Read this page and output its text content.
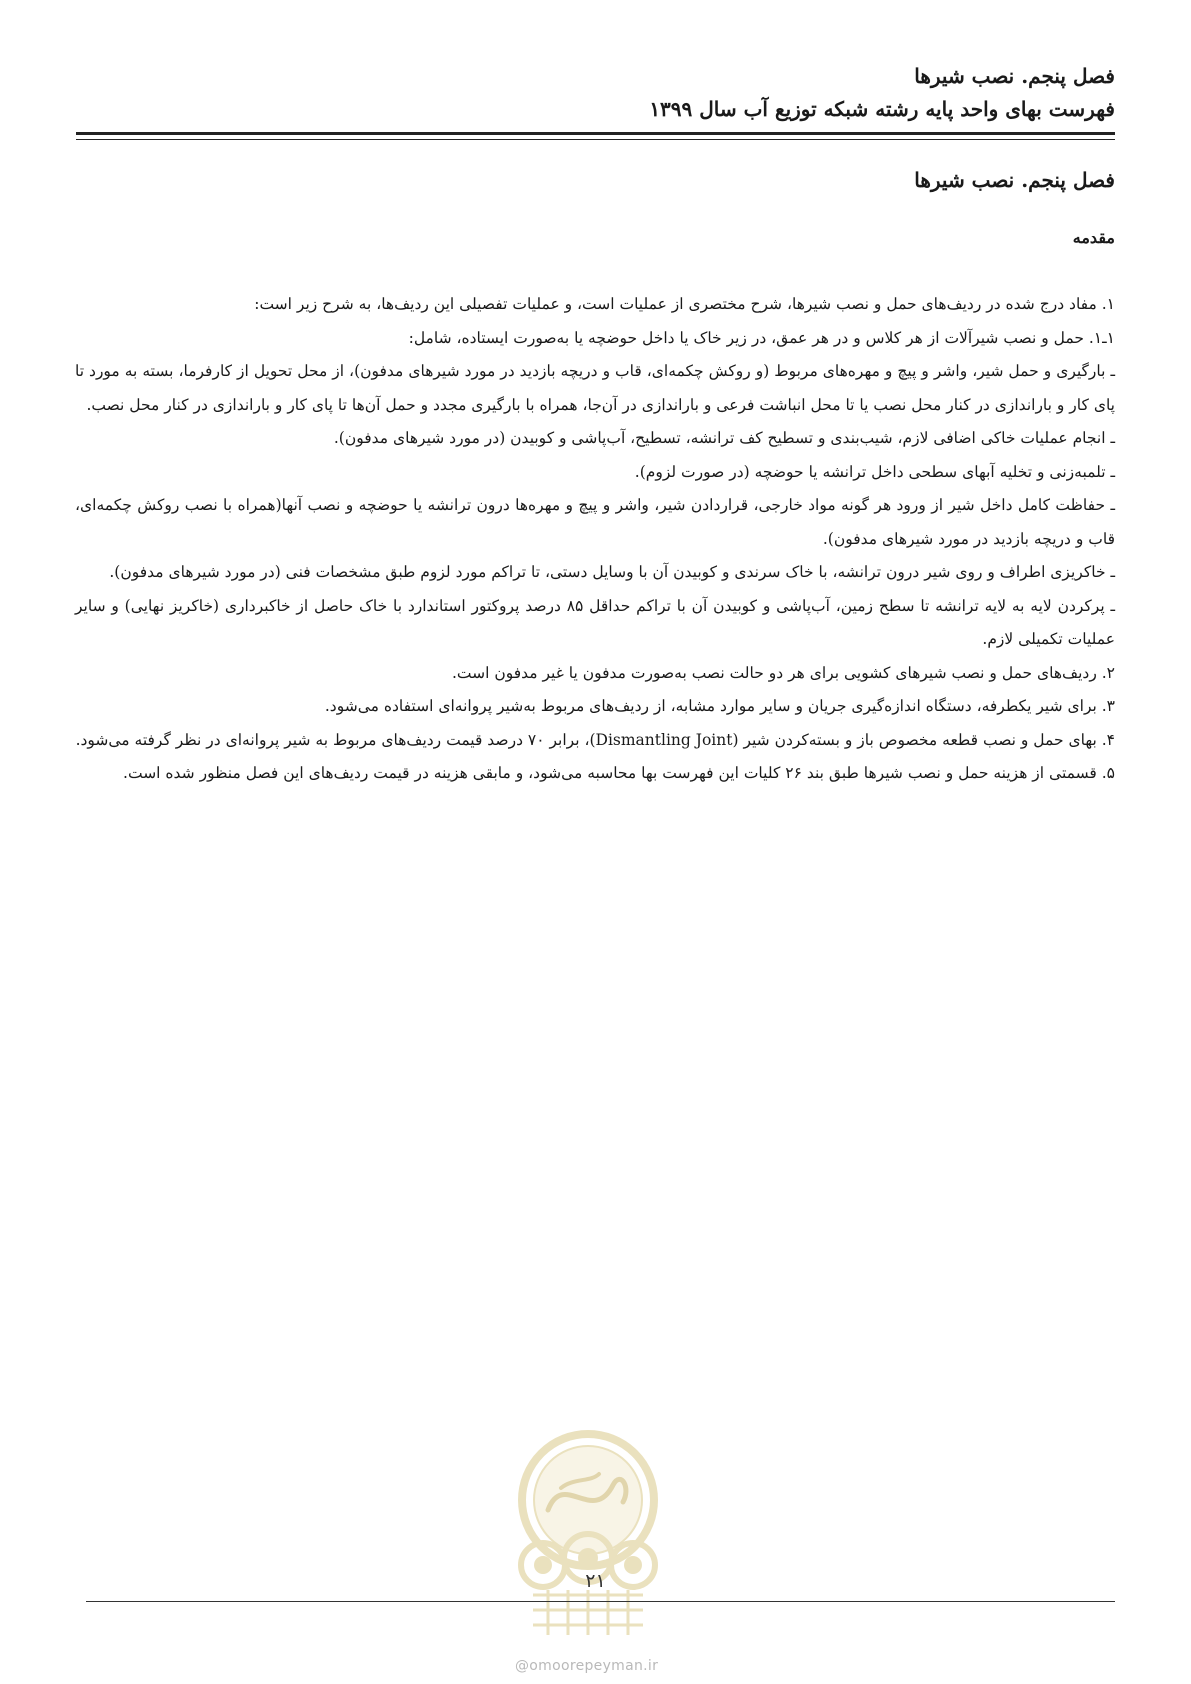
فصل پنجم. نصب شیرها
فهرست بهای واحد پایه رشته شبکه توزیع آب سال ۱۳۹۹
فصل پنجم. نصب شیرها
مقدمه

۱. مفاد درج شده در ردیف‌های حمل و نصب شیرها، شرح مختصری از عملیات است، و عملیات تفصیلی این ردیف‌ها، به شرح زیر است:

۱ـ۱. حمل و نصب شیرآلات از هر کلاس و در هر عمق، در زیر خاک یا داخل حوضچه یا به‌صورت ایستاده، شامل:

ـ بارگیری و حمل شیر، واشر و پیچ و مهره‌های مربوط (و روکش چکمه‌ای، قاب و دریچه بازدید در مورد شیرهای مدفون)، از محل تحویل از کارفرما، بسته به مورد تا پای کار و باراندازی در کنار محل نصب یا تا محل انباشت فرعی و باراندازی در آن‌جا، همراه با بارگیری مجدد و حمل آن‌ها تا پای کار و باراندازی در کنار محل نصب.

ـ انجام عملیات خاکی اضافی لازم، شیب‌بندی و تسطیح کف ترانشه، تسطیح، آب‌پاشی و کوبیدن (در مورد شیرهای مدفون).

ـ تلمبه‌زنی و تخلیه آبهای سطحی داخل ترانشه یا حوضچه (در صورت لزوم).

ـ حفاظت کامل داخل شیر از ورود هر گونه مواد خارجی، قراردادن شیر، واشر و پیچ و مهره‌ها درون ترانشه یا حوضچه و نصب آنها(همراه با نصب روکش چکمه‌ای، قاب و دریچه بازدید در مورد شیرهای مدفون).

ـ خاکریزی اطراف و روی شیر درون ترانشه، با خاک سرندی و کوبیدن آن با وسایل دستی، تا تراکم مورد لزوم طبق مشخصات فنی (در مورد شیرهای مدفون).

ـ پرکردن لایه به لایه ترانشه تا سطح زمین، آب‌پاشی و کوبیدن آن با تراکم حداقل ۸۵ درصد پروکتور استاندارد با خاک حاصل از خاکبرداری (خاکریز نهایی) و سایر عملیات تکمیلی لازم.

۲. ردیف‌های حمل و نصب شیرهای کشویی برای هر دو حالت نصب به‌صورت مدفون یا غیر مدفون است.

۳. برای شیر یکطرفه، دستگاه اندازه‌گیری جریان و سایر موارد مشابه، از ردیف‌های مربوط به‌شیر پروانه‌ای استفاده می‌شود.

۴. بهای حمل و نصب قطعه مخصوص باز و بسته‌کردن شیر (Dismantling Joint)، برابر ۷۰ درصد قیمت ردیف‌های مربوط به شیر پروانه‌ای در نظر گرفته می‌شود.

۵. قسمتی از هزینه حمل و نصب شیرها طبق بند ۲۶ کلیات این فهرست بها محاسبه می‌شود، و مابقی هزینه در قیمت ردیف‌های این فصل منظور شده است.

۲۱
@omoorepeyman.ir
